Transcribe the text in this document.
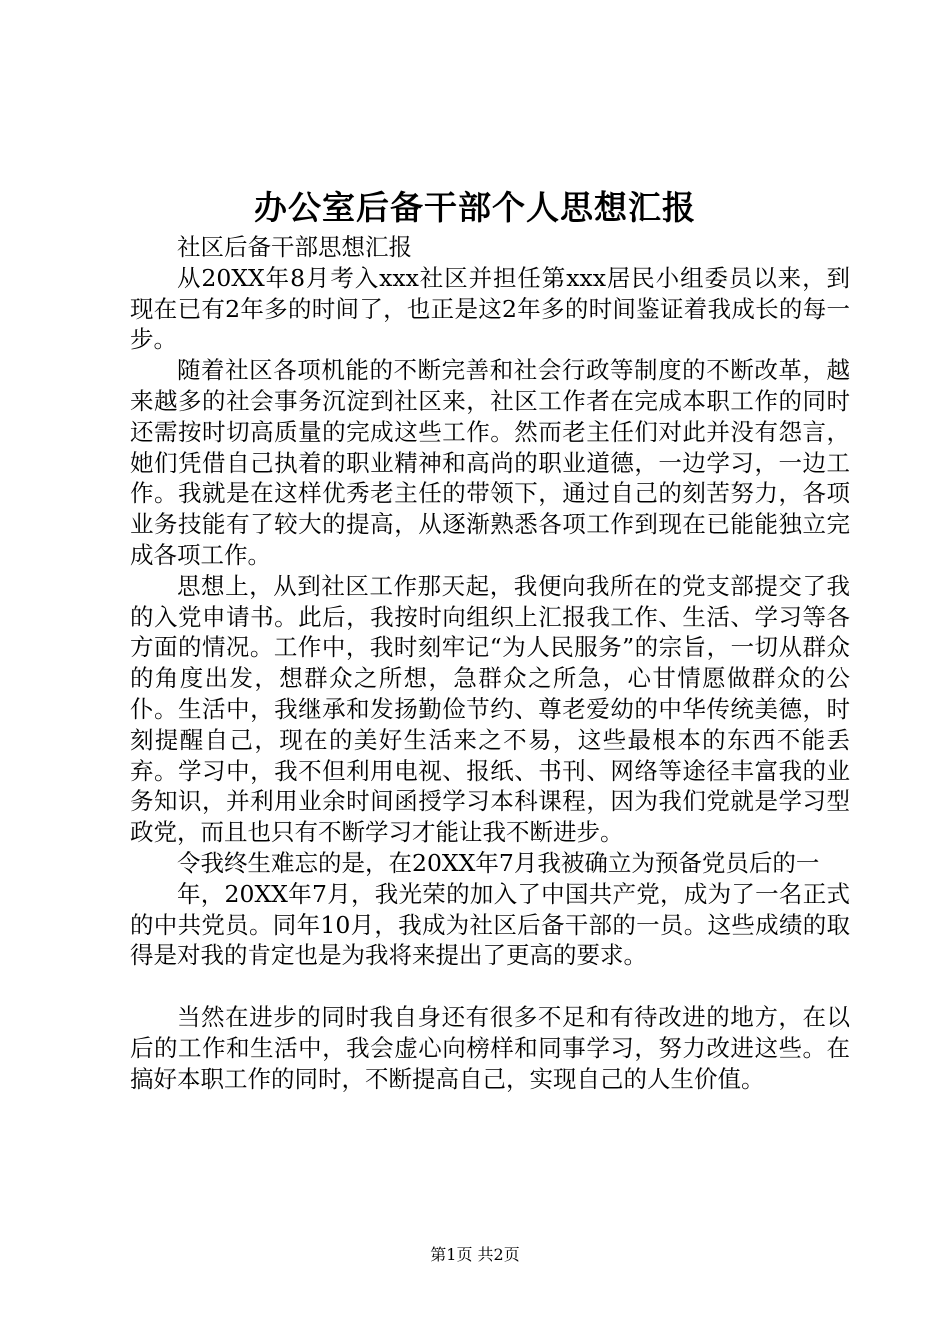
办公室后备干部个人思想汇报

社区后备干部思想汇报

从20XX年8月考入xxx社区并担任第xxx居民小组委员以来，到现在已有2年多的时间了，也正是这2年多的时间鉴证着我成长的每一步。

随着社区各项机能的不断完善和社会行政等制度的不断改革，越来越多的社会事务沉淀到社区来，社区工作者在完成本职工作的同时还需按时切高质量的完成这些工作。然而老主任们对此并没有怨言，她们凭借自己执着的职业精神和高尚的职业道德，一边学习，一边工作。我就是在这样优秀老主任的带领下，通过自己的刻苦努力，各项业务技能有了较大的提高，从逐渐熟悉各项工作到现在已能能独立完成各项工作。

思想上，从到社区工作那天起，我便向我所在的党支部提交了我的入党申请书。此后，我按时向组织上汇报我工作、生活、学习等各方面的情况。工作中，我时刻牢记“为人民服务”的宗旨，一切从群众的角度出发，想群众之所想，急群众之所急，心甘情愿做群众的公仆。生活中，我继承和发扬勤俭节约、尊老爱幼的中华传统美德，时刻提醒自己，现在的美好生活来之不易，这些最根本的东西不能丢弃。学习中，我不但利用电视、报纸、书刊、网络等途径丰富我的业务知识，并利用业余时间函授学习本科课程，因为我们党就是学习型政党，而且也只有不断学习才能让我不断进步。

令我终生难忘的是，在20XX年7月我被确立为预备党员后的一

年，20XX年7月，我光荣的加入了中国共产党，成为了一名正式的中共党员。同年10月，我成为社区后备干部的一员。这些成绩的取得是对我的肯定也是为我将来提出了更高的要求。

当然在进步的同时我自身还有很多不足和有待改进的地方，在以后的工作和生活中，我会虚心向榜样和同事学习，努力改进这些。在搞好本职工作的同时，不断提高自己，实现自己的人生价值。

第1页 共2页
